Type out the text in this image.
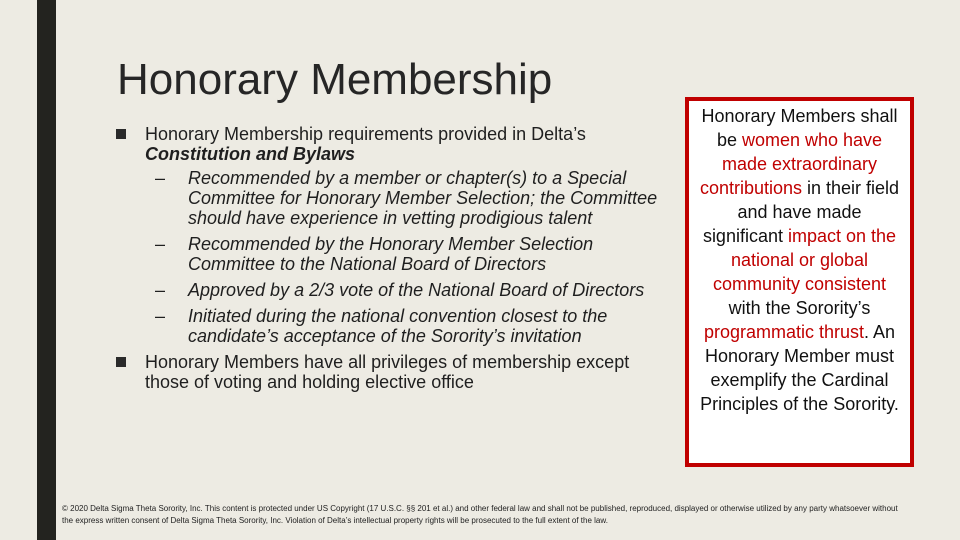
Honorary Membership
Honorary Membership requirements provided in Delta’s Constitution and Bylaws
– Recommended by a member or chapter(s) to a Special Committee for Honorary Member Selection; the Committee should have experience in vetting prodigious talent
– Recommended by the Honorary Member Selection Committee to the National Board of Directors
– Approved by a 2/3 vote of the National Board of Directors
– Initiated during the national convention closest to the candidate’s acceptance of the Sorority’s invitation
Honorary Members have all privileges of membership except those of voting and holding elective office
Honorary Members shall be women who have made extraordinary contributions in their field and have made significant impact on the national or global community consistent with the Sorority’s programmatic thrust. An Honorary Member must exemplify the Cardinal Principles of the Sorority.
© 2020 Delta Sigma Theta Sorority, Inc. This content is protected under US Copyright (17 U.S.C. §§ 201 et al.) and other federal law and shall not be published, reproduced, displayed or otherwise utilized by any party whatsoever without the express written consent of Delta Sigma Theta Sorority, Inc. Violation of Delta’s intellectual property rights will be prosecuted to the full extent of the law.
